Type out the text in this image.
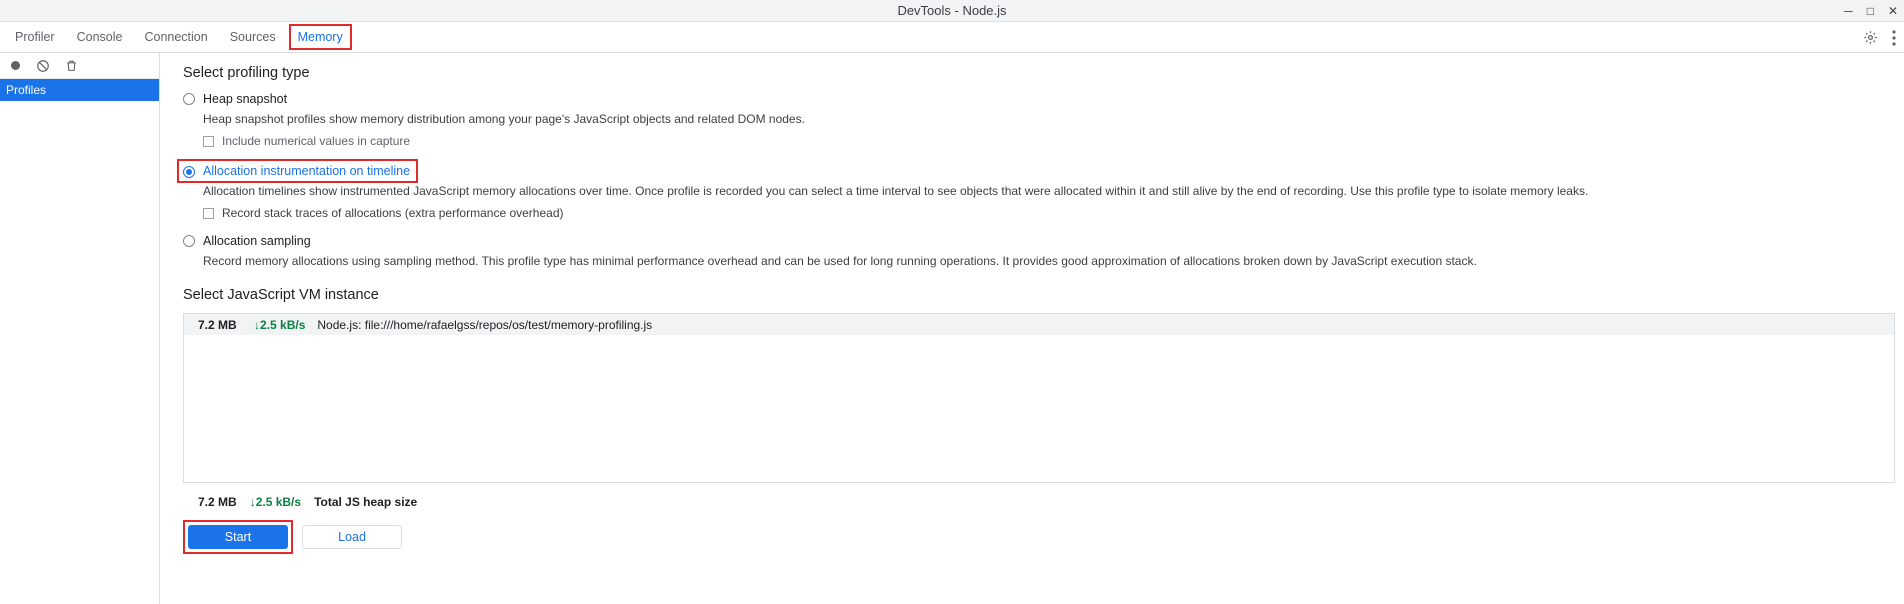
DevTools - Node.js	─ □ ✕
Profiler Console Connection Sources Memory
Profiles
Select profiling type
Heap snapshot
Heap snapshot profiles show memory distribution among your page's JavaScript objects and related DOM nodes.
Include numerical values in capture
Allocation instrumentation on timeline
Allocation timelines show instrumented JavaScript memory allocations over time. Once profile is recorded you can select a time interval to see objects that were allocated within it and still alive by the end of recording. Use this profile type to isolate memory leaks.
Record stack traces of allocations (extra performance overhead)
Allocation sampling
Record memory allocations using sampling method. This profile type has minimal performance overhead and can be used for long running operations. It provides good approximation of allocations broken down by JavaScript execution stack.
Select JavaScript VM instance
7.2 MB	↓2.5 kB/s Node.js: file:///home/rafaelgss/repos/os/test/memory-profiling.js
7.2 MB ↓2.5 kB/s Total JS heap size
Start	Load
